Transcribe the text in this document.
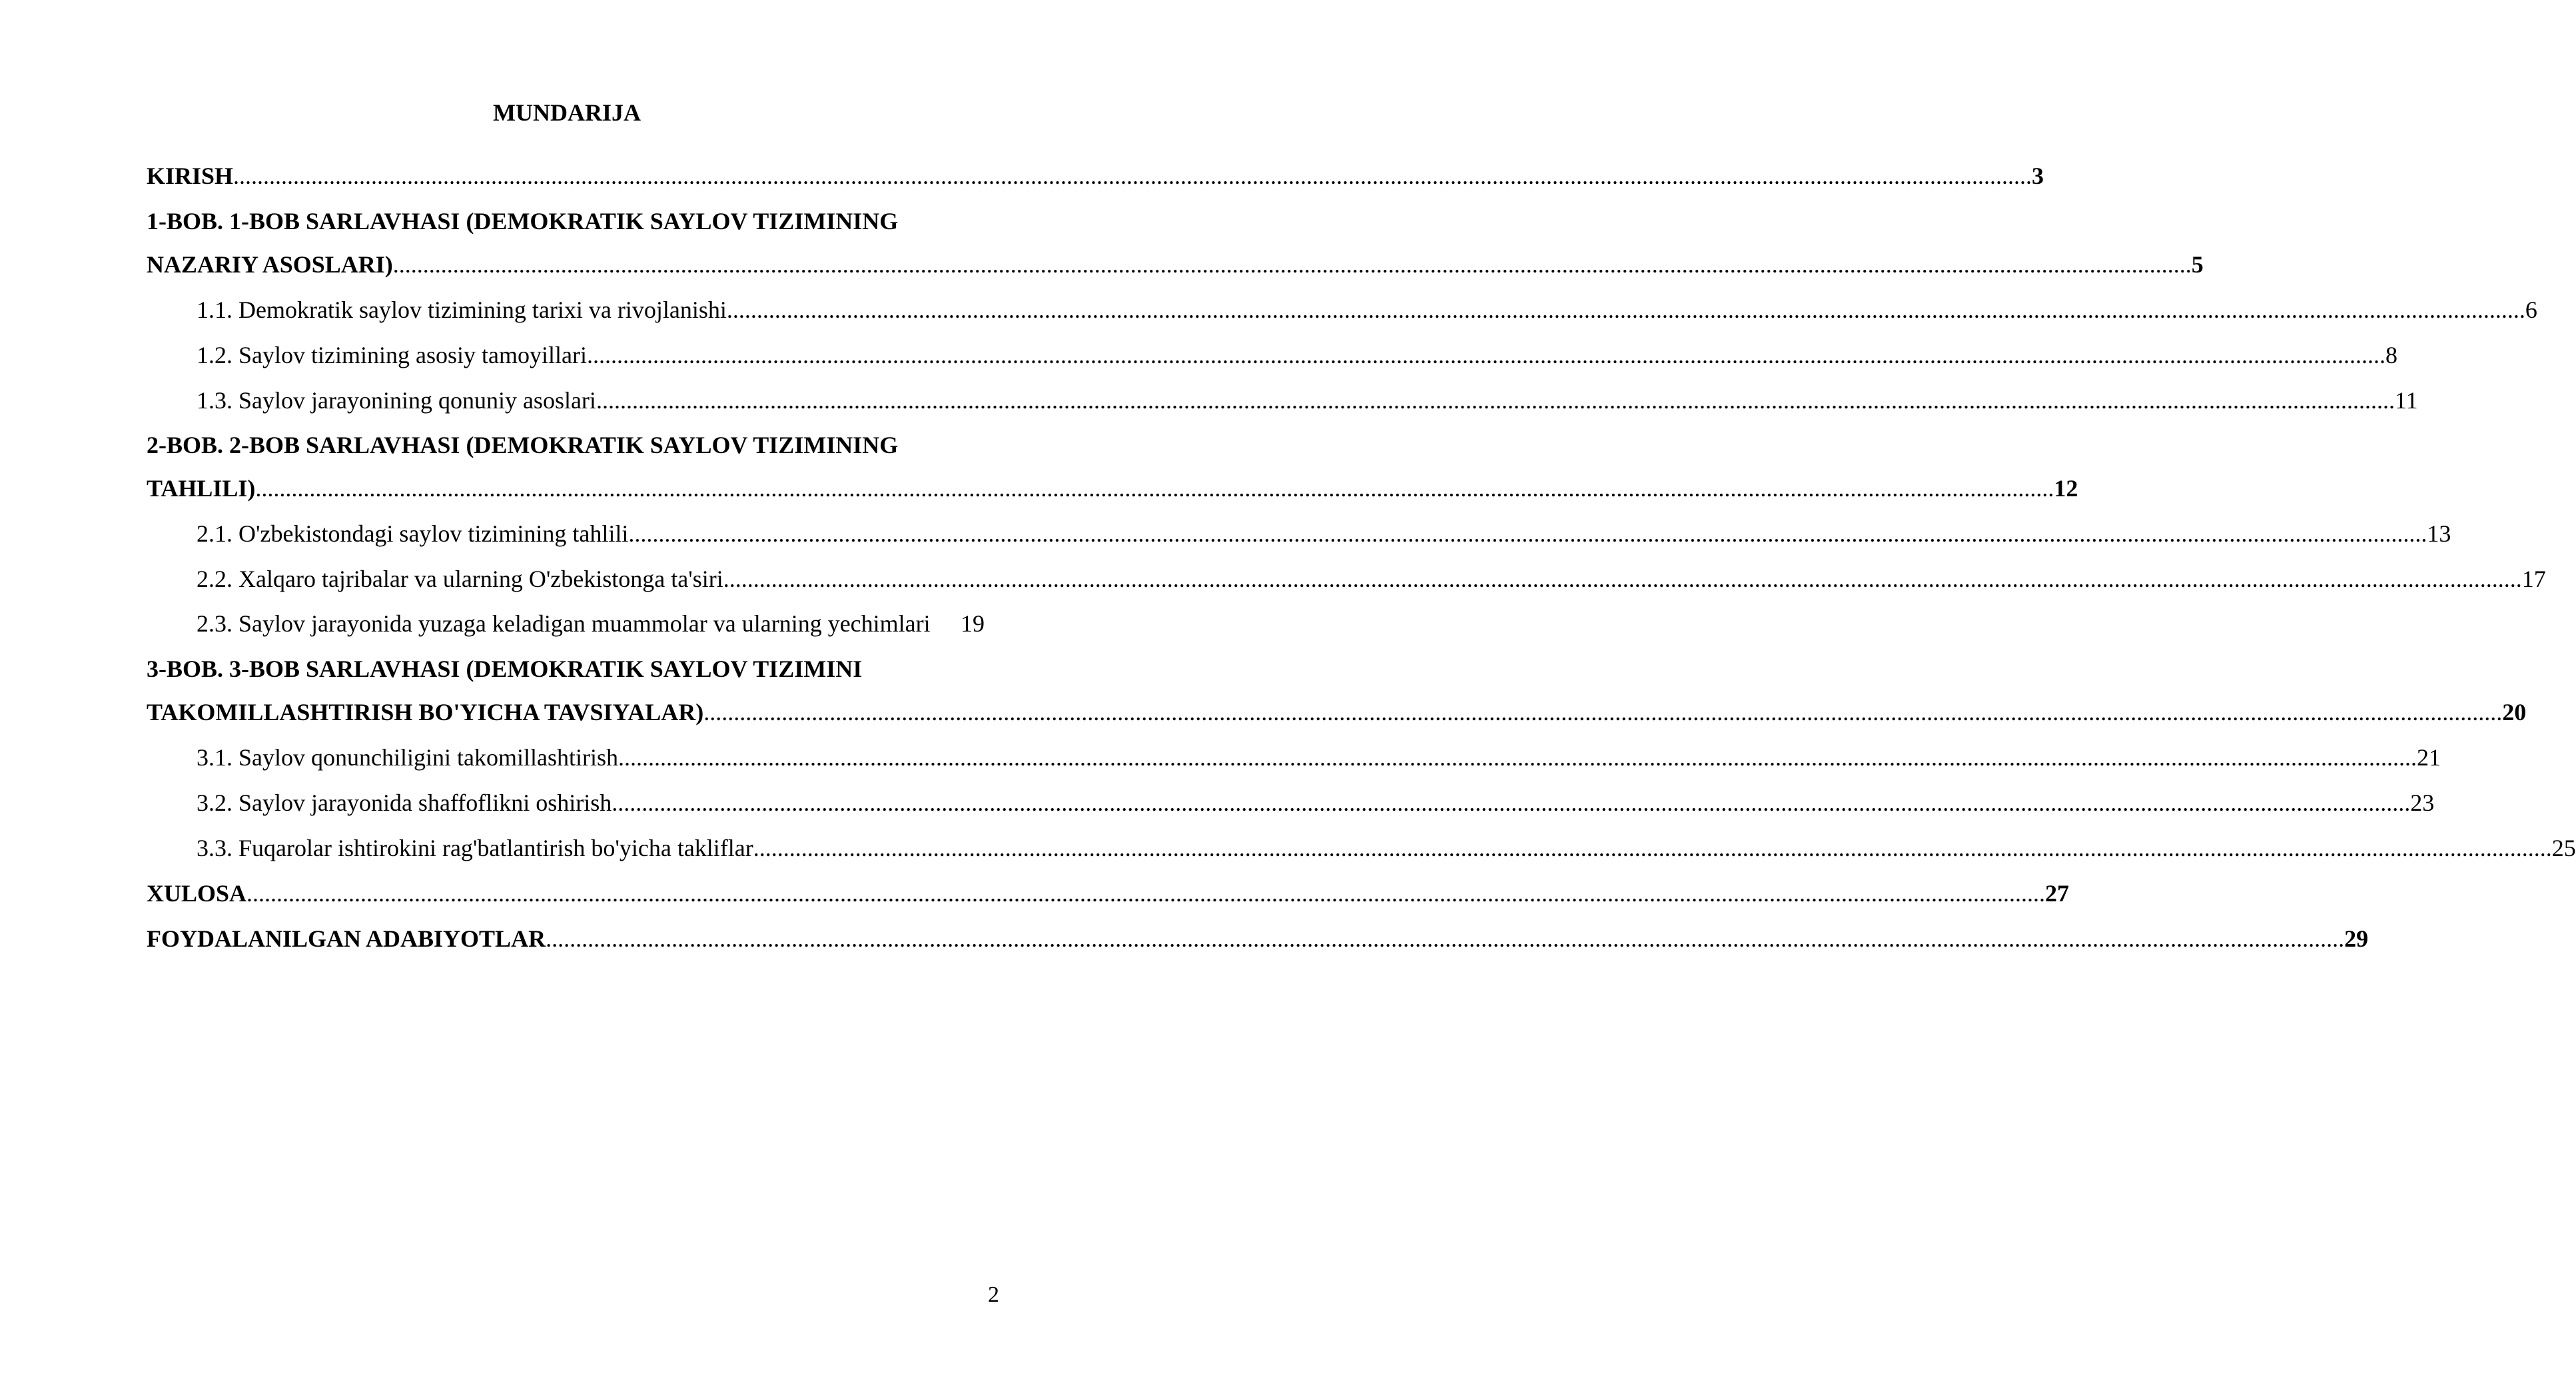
MUNDARIJA
KIRISH ............................................................................................................................................................................................................................................................................................................ 3
1-BOB. 1-BOB SARLAVHASI (DEMOKRATIK SAYLOV TIZIMINING
NAZARIY ASOSLARI) ............................................................................................................................................................................................................................................................................................................ 5
1.1. Demokratik saylov tizimining tarixi va rivojlanishi ............................................................................................................................................................................................................................................................................................................ 6
1.2. Saylov tizimining asosiy tamoyillari ............................................................................................................................................................................................................................................................................................................ 8
1.3. Saylov jarayonining qonuniy asoslari ............................................................................................................................................................................................................................................................................................................ 11
2-BOB. 2-BOB SARLAVHASI (DEMOKRATIK SAYLOV TIZIMINING
TAHLILI) ............................................................................................................................................................................................................................................................................................................ 12
2.1. O'zbekistondagi saylov tizimining tahlili ............................................................................................................................................................................................................................................................................................................ 13
2.2. Xalqaro tajribalar va ularning O'zbekistonga ta'siri ............................................................................................................................................................................................................................................................................................................ 17
2.3. Saylov jarayonida yuzaga keladigan muammolar va ularning yechimlari 19
3-BOB. 3-BOB SARLAVHASI (DEMOKRATIK SAYLOV TIZIMINI
TAKOMILLASHTIRISH BO'YICHA TAVSIYALAR) ............................................................................................................................................................................................................................................................................................................ 20
3.1. Saylov qonunchiligini takomillashtirish ............................................................................................................................................................................................................................................................................................................ 21
3.2. Saylov jarayonida shaffoflikni oshirish ............................................................................................................................................................................................................................................................................................................ 23
3.3. Fuqarolar ishtirokini rag'batlantirish bo'yicha takliflar ............................................................................................................................................................................................................................................................................................................ 25
XULOSA ............................................................................................................................................................................................................................................................................................................ 27
FOYDALANILGAN ADABIYOTLAR ............................................................................................................................................................................................................................................................................................................ 29
2
